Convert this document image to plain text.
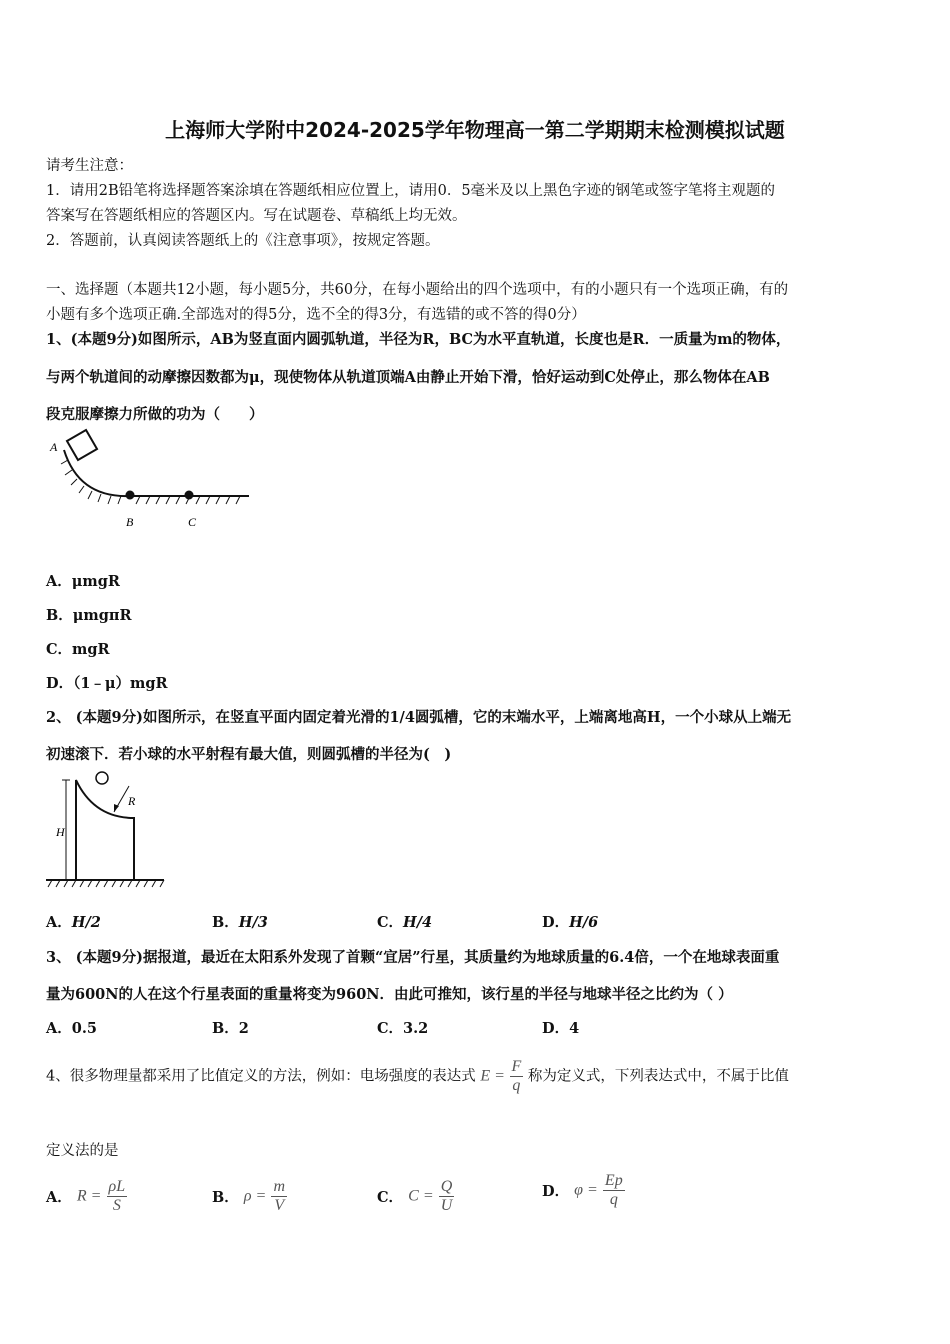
上海师大学附中2024-2025学年物理高一第二学期期末检测模拟试题
请考生注意：
1．请用2B铅笔将选择题答案涂填在答题纸相应位置上，请用0．5毫米及以上黑色字迹的钢笔或签字笔将主观题的
答案写在答题纸相应的答题区内。写在试题卷、草稿纸上均无效。
2．答题前，认真阅读答题纸上的《注意事项》，按规定答题。
一、选择题（本题共12小题，每小题5分，共60分，在每小题给出的四个选项中，有的小题只有一个选项正确，有的
小题有多个选项正确.全部选对的得5分，选不全的得3分，有选错的或不答的得0分）
1、(本题9分)如图所示，AB为竖直面内圆弧轨道，半径为R，BC为水平直轨道，长度也是R．一质量为m的物体，
与两个轨道间的动摩擦因数都为μ，现使物体从轨道顶端A由静止开始下滑，恰好运动到C处停止，那么物体在AB
段克服摩擦力所做的功为（　　）
A
B	C
A．μmgR
B．μmgπR
C．mgR
D．（1﹣μ）mgR
2、 (本题9分)如图所示，在竖直平面内固定着光滑的1/4圆弧槽，它的末端水平，上端离地高H，一个小球从上端无
初速滚下．若小球的水平射程有最大值，则圆弧槽的半径为(　)
H
R
A．H/2	B．H/3	C．H/4	D．H/6
3、 (本题9分)据报道，最近在太阳系外发现了首颗“宜居”行星，其质量约为地球质量的6.4倍，一个在地球表面重
量为600N的人在这个行星表面的重量将变为960N．由此可推知，该行星的半径与地球半径之比约为（ ）
A．0.5	B．2	C．3.2	D．4
4、很多物理量都采用了比值定义的方法，例如：电场强度的表达式 $E = \frac{F}{q}$ 称为定义式，下列表达式中，不属于比值
定义法的是
A． $R = \frac{\rho L}{S}$	B． $\rho = \frac{m}{V}$	C． $C = \frac{Q}{U}$	D． $\varphi = \frac{Ep}{q}$
